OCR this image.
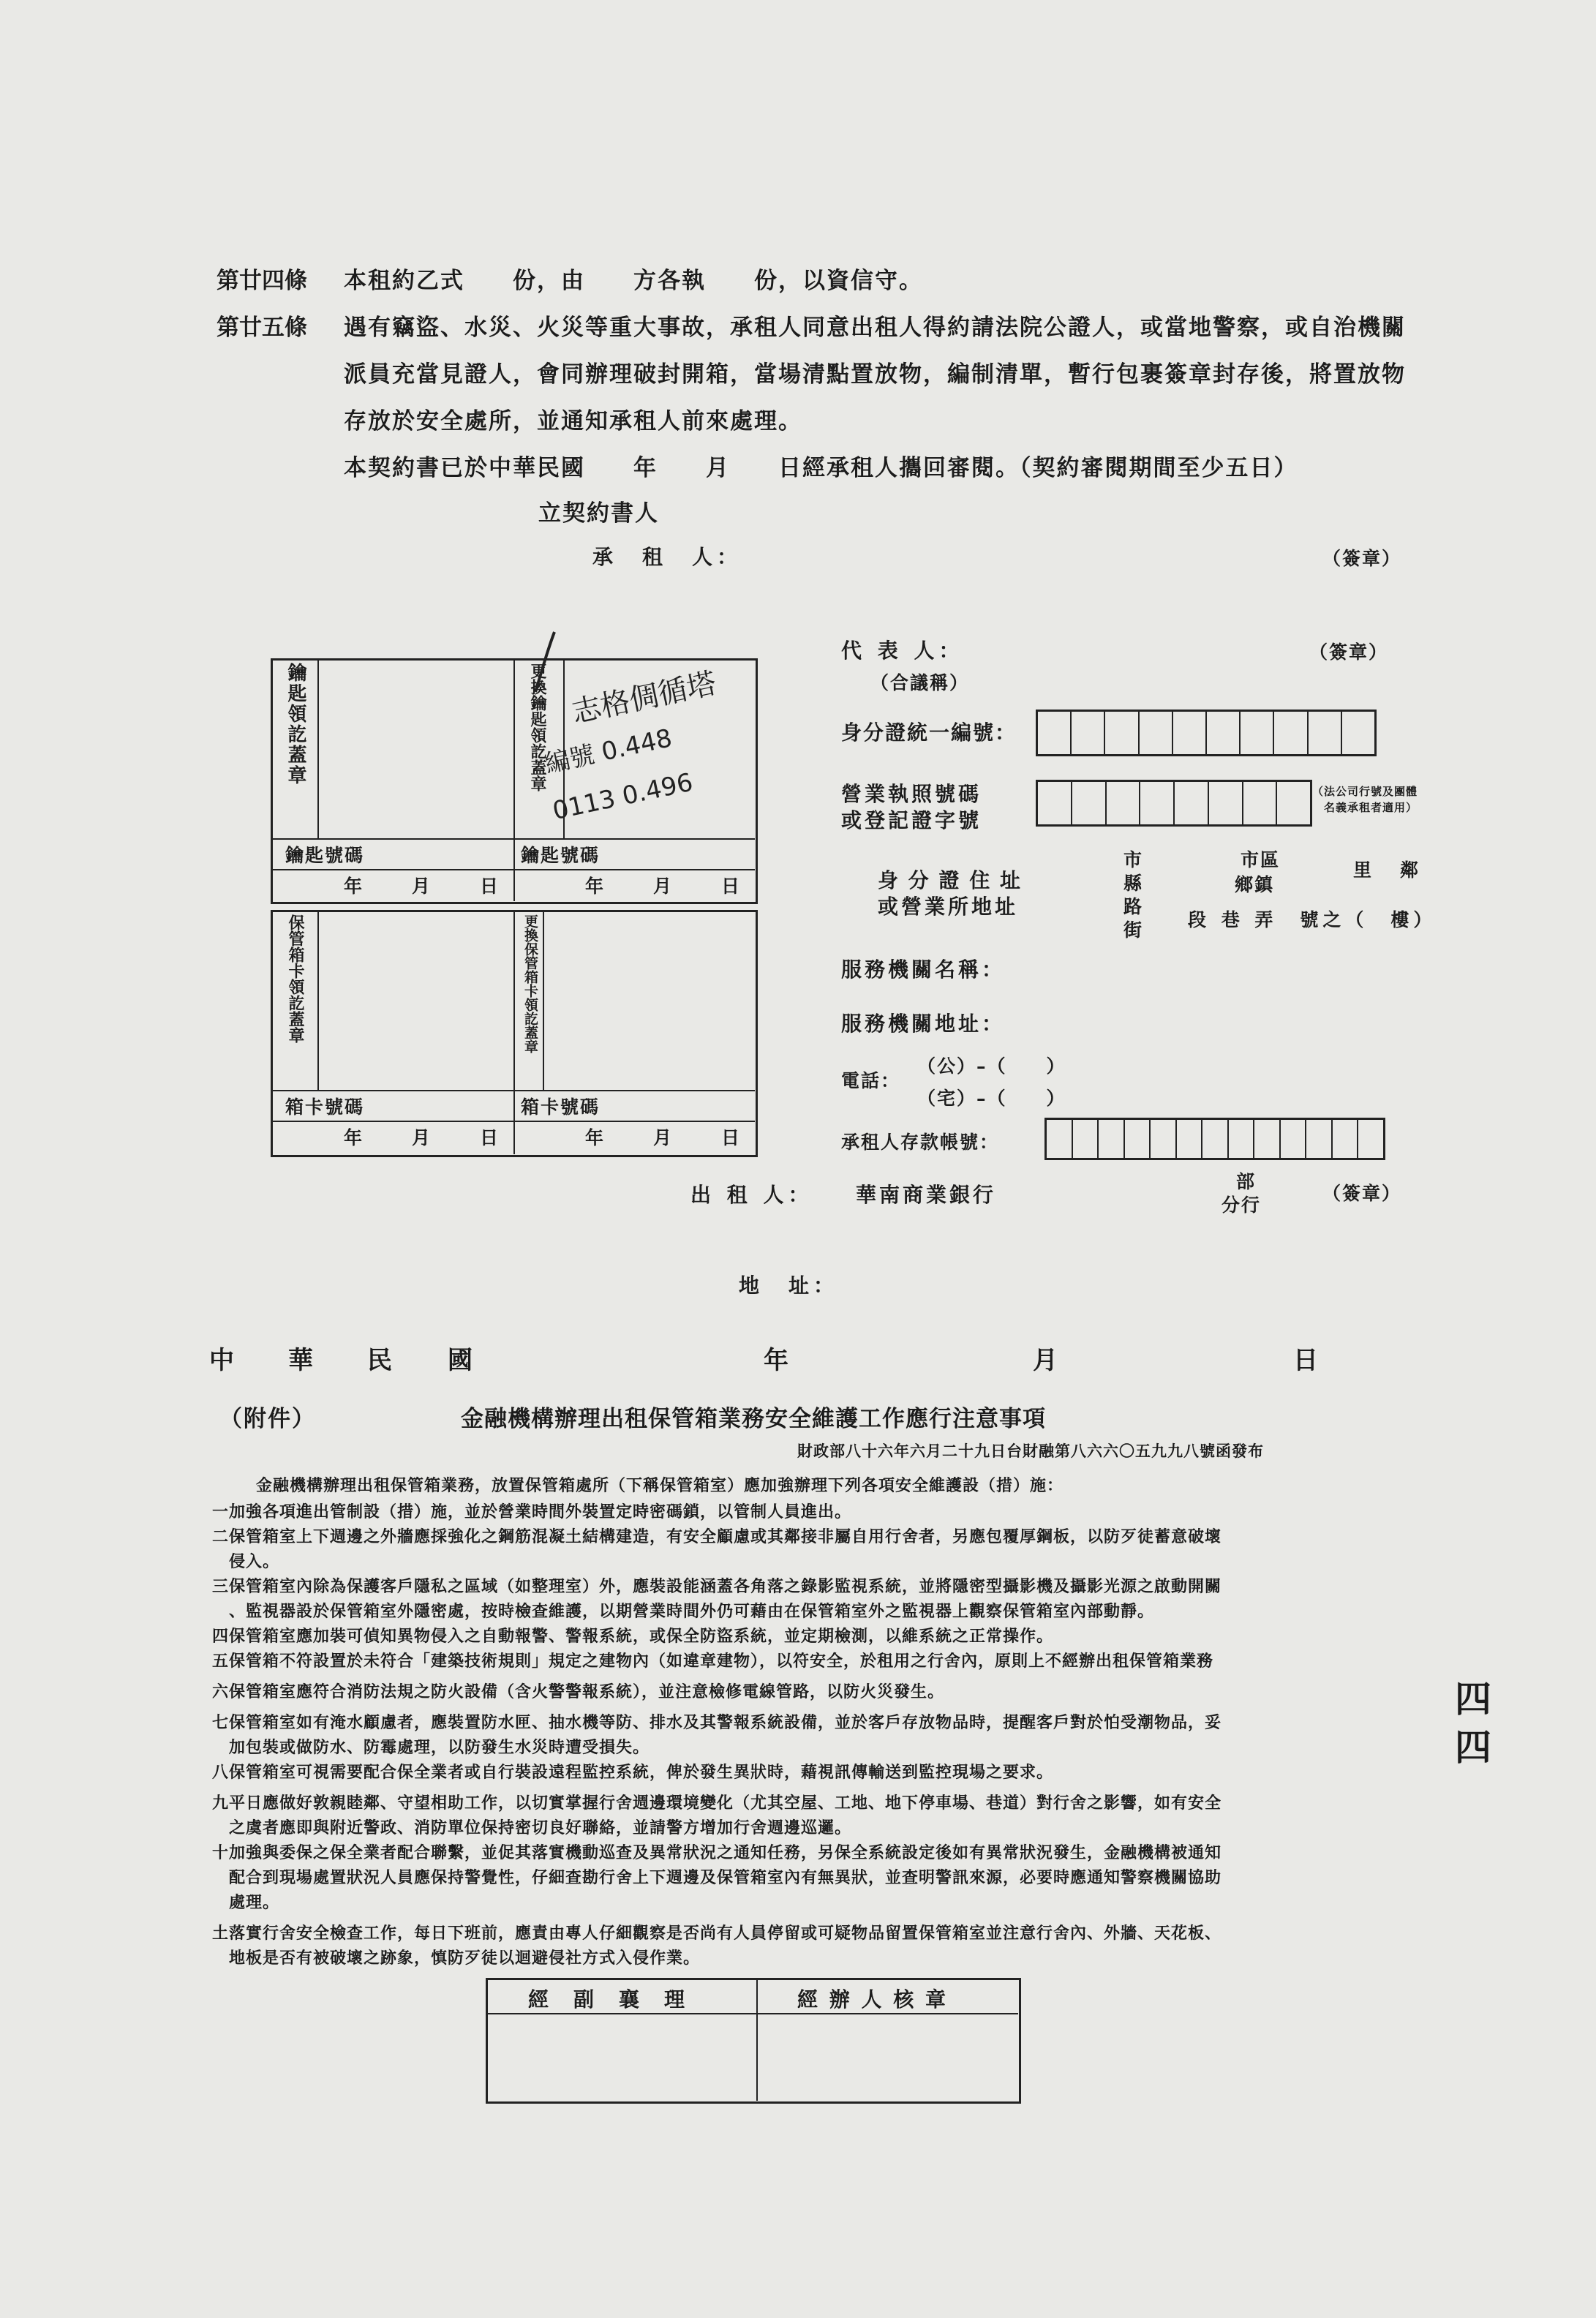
第廿四條 本租約乙式　　份，由　　方各執　　份，以資信守。
第廿五條 遇有竊盜、水災、火災等重大事故，承租人同意出租人得約請法院公證人，或當地警察，或自治機關
派員充當見證人，會同辦理破封開箱，當場清點置放物，編制清單，暫行包裹簽章封存後，將置放物
存放於安全處所，並通知承租人前來處理。
本契約書已於中華民國　　年　　月　　日經承租人攜回審閱。（契約審閱期間至少五日）
立契約書人
承　租　人：	（簽章）
代 表 人：	（簽章）
（合議稱）
身分證統一編號：
營業執照號碼
或登記證字號
（法公司行號及團體
名義承租者適用）
身 分 證 住 址
或營業所地址
市
縣
路
街
市區
鄉鎮
里 鄰
段 巷 弄　號之（　樓）
服務機關名稱：
服務機關地址：
電話：
（公）–（　　）
（宅）–（　　）
承租人存款帳號：
出 租 人： 華南商業銀行
部
分行
（簽章）
地　址：
鑰匙領訖蓋章	更換鑰匙領訖蓋章
鑰匙號碼	鑰匙號碼
年　　月　　日	年　　月　　日
志格倜循塔
編號 0.448
0113 0.496
保管箱卡領訖蓋章	更換保管箱卡領訖蓋章
箱卡號碼	箱卡號碼
年　　月　　日	年　　月　　日
中 華 民 國	年	月	日
（附件）	金融機構辦理出租保管箱業務安全維護工作應行注意事項
財政部八十六年六月二十九日台財融第八六六〇五九九八號函發布
金融機構辦理出租保管箱業務，放置保管箱處所（下稱保管箱室）應加強辦理下列各項安全維護設（措）施：
一加強各項進出管制設（措）施，並於營業時間外裝置定時密碼鎖，以管制人員進出。
二保管箱室上下週邊之外牆應採強化之鋼筋混凝土結構建造，有安全顧慮或其鄰接非屬自用行舍者，另應包覆厚鋼板，以防歹徒蓄意破壞
　侵入。
三保管箱室內除為保護客戶隱私之區域（如整理室）外，應裝設能涵蓋各角落之錄影監視系統，並將隱密型攝影機及攝影光源之啟動開關
　、監視器設於保管箱室外隱密處，按時檢查維護，以期營業時間外仍可藉由在保管箱室外之監視器上觀察保管箱室內部動靜。
四保管箱室應加裝可偵知異物侵入之自動報警、警報系統，或保全防盜系統，並定期檢測，以維系統之正常操作。
五保管箱不符設置於未符合「建築技術規則」規定之建物內（如違章建物），以符安全，於租用之行舍內，原則上不經辦出租保管箱業務
六保管箱室應符合消防法規之防火設備（含火警警報系統），並注意檢修電線管路，以防火災發生。
七保管箱室如有淹水顧慮者，應裝置防水匣、抽水機等防、排水及其警報系統設備，並於客戶存放物品時，提醒客戶對於怕受潮物品，妥
　加包裝或做防水、防霉處理，以防發生水災時遭受損失。
八保管箱室可視需要配合保全業者或自行裝設遠程監控系統，俾於發生異狀時，藉視訊傳輸送到監控現場之要求。
九平日應做好敦親睦鄰、守望相助工作，以切實掌握行舍週邊環境變化（尤其空屋、工地、地下停車場、巷道）對行舍之影響，如有安全
　之虞者應即與附近警政、消防單位保持密切良好聯絡，並請警方增加行舍週邊巡邏。
十加強與委保之保全業者配合聯繫，並促其落實機動巡查及異常狀況之通知任務，另保全系統設定後如有異常狀況發生，金融機構被通知
　配合到現場處置狀況人員應保持警覺性，仔細查勘行舍上下週邊及保管箱室內有無異狀，並查明警訊來源，必要時應通知警察機關協助
　處理。
土落實行舍安全檢查工作，每日下班前，應責由專人仔細觀察是否尚有人員停留或可疑物品留置保管箱室並注意行舍內、外牆、天花板、
　地板是否有被破壞之跡象，慎防歹徒以迴避侵社方式入侵作業。
經　副　襄　理	經 辦 人 核 章
四四
